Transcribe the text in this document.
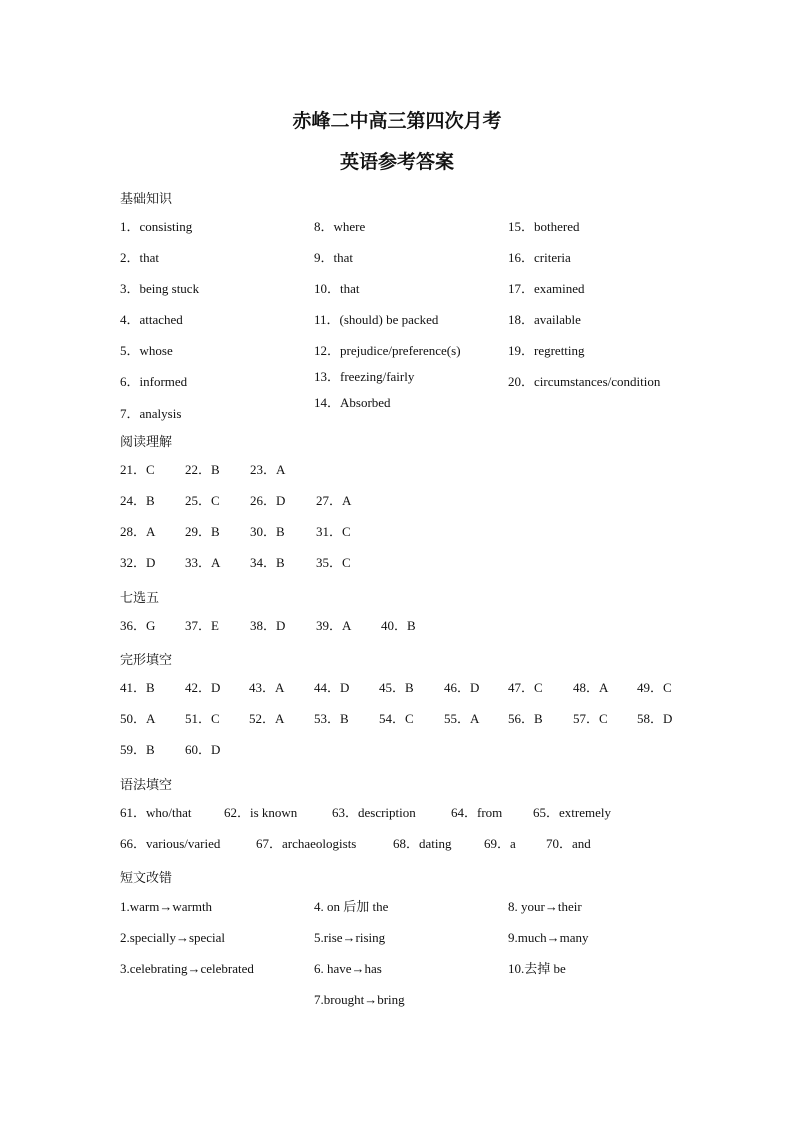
赤峰二中高三第四次月考
英语参考答案
基础知识
1．consisting
2．that
3．being stuck
4．attached
5．whose
6．informed
7．analysis
8．where
9．that
10．that
11．(should) be packed
12．prejudice/preference(s)
13．freezing/fairly
14．Absorbed
15．bothered
16．criteria
17．examined
18．available
19．regretting
20．circumstances/condition
阅读理解
21．C 22．B 23．A
24．B 25．C 26．D 27．A
28．A 29．B 30．B 31．C
32．D 33．A 34．B 35．C
七选五
36．G 37．E 38．D 39．A 40．B
完形填空
41．B 42．D 43．A 44．D 45．B 46．D 47．C 48．A 49．C
50．A 51．C 52．A 53．B 54．C 55．A 56．B 57．C 58．D
59．B 60．D
语法填空
61．who/that	62．is known	63．description	64．from 65．extremely
66．various/varied	67．archaeologists	68．dating	69．a 70．and
短文改错
1.warm→warmth
2.specially→special
3.celebrating→celebrated
4. on 后加 the
5.rise→rising
6. have→has
7.brought→bring
8. your→their
9.much→many
10.去掉 be
